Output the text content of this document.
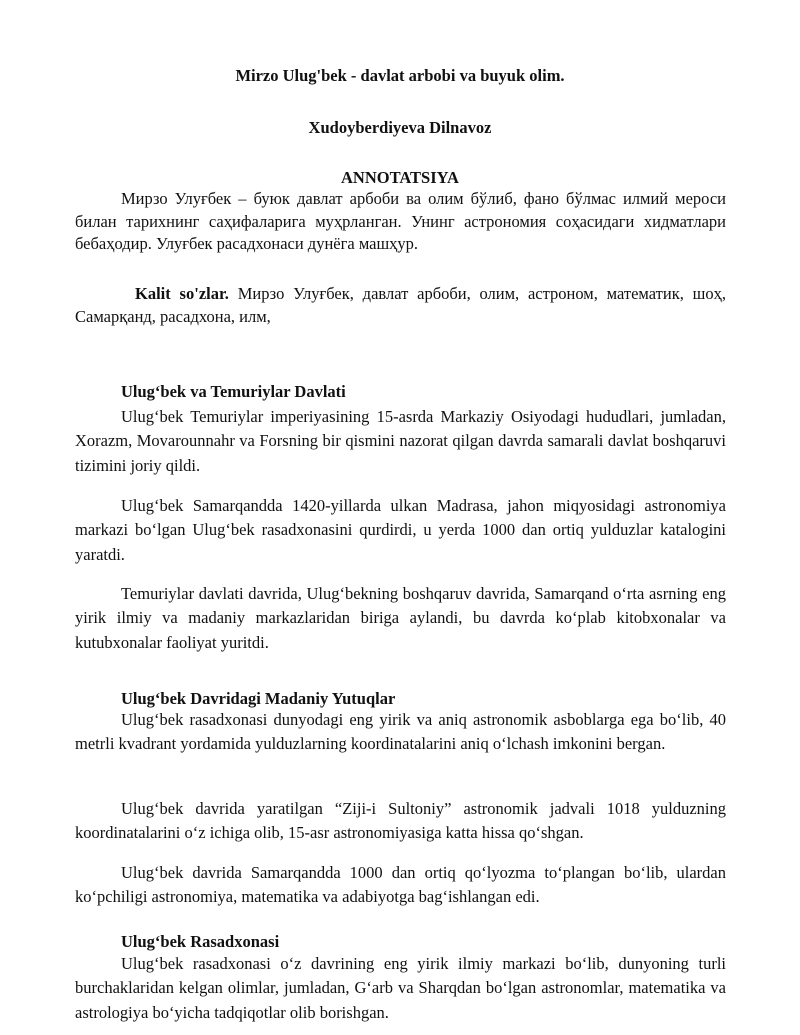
Mirzo Ulug'bek - davlat arbobi va buyuk olim.
Xudoyberdiyeva Dilnavoz
ANNOTATSIYA
Мирзо Улуғбек – буюк давлат арбоби ва олим бўлиб, фано бўлмас илмий мероси билан тарихнинг саҳифаларига муҳрланган. Унинг астрономия соҳасидаги хидматлари бебаҳодир. Улуғбек расадхонаси дунёга машҳур.
Kalit so'zlar. Мирзо Улуғбек, давлат арбоби, олим, астроном, математик, шоҳ, Самарқанд, расадхона, илм,
Ulug‘bek va Temuriylar Davlati
Ulug‘bek Temuriylar imperiyasining 15-asrda Markaziy Osiyodagi hududlari, jumladan, Xorazm, Movarounnahr va Forsning bir qismini nazorat qilgan davrda samarali davlat boshqaruvi tizimini joriy qildi.
Ulug‘bek Samarqandda 1420-yillarda ulkan Madrasa, jahon miqyosidagi astronomiya markazi bo‘lgan Ulug‘bek rasadxonasini qurdirdi, u yerda 1000 dan ortiq yulduzlar katalogini yaratdi.
Temuriylar davlati davrida, Ulug‘bekning boshqaruv davrida, Samarqand o‘rta asrning eng yirik ilmiy va madaniy markazlaridan biriga aylandi, bu davrda ko‘plab kitobxonalar va kutubxonalar faoliyat yuritdi.
Ulug‘bek Davridagi Madaniy Yutuqlar
Ulug‘bek rasadxonasi dunyodagi eng yirik va aniq astronomik asboblarga ega bo‘lib, 40 metrli kvadrant yordamida yulduzlarning koordinatalarini aniq o‘lchash imkonini bergan.
Ulug‘bek davrida yaratilgan “Ziji-i Sultoniy” astronomik jadvali 1018 yulduzning koordinatalarini o‘z ichiga olib, 15-asr astronomiyasiga katta hissa qo‘shgan.
Ulug‘bek davrida Samarqandda 1000 dan ortiq qo‘lyozma to‘plangan bo‘lib, ulardan ko‘pchiligi astronomiya, matematika va adabiyotga bag‘ishlangan edi.
Ulug‘bek Rasadxonasi
Ulug‘bek rasadxonasi o‘z davrining eng yirik ilmiy markazi bo‘lib, dunyoning turli burchaklaridan kelgan olimlar, jumladan, G‘arb va Sharqdan bo‘lgan astronomlar, matematika va astrologiya bo‘yicha tadqiqotlar olib borishgan.
